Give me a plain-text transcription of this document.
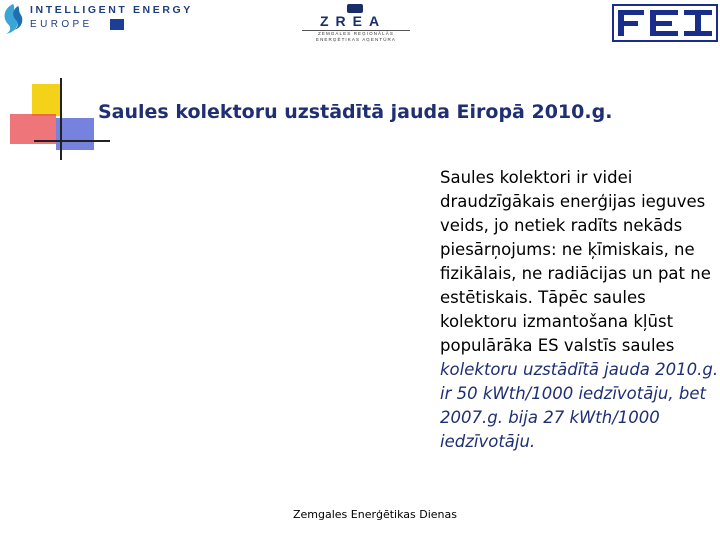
INTELLIGENT ENERGY
EUROPE	ZREA
ZEMGALES REĢIONĀLĀS
ENERĢĒTIKAS AĢENTŪRA
Saules kolektoru uzstādītā jauda Eiropā 2010.g.
Saules kolektori ir videi draudzīgākais enerģijas ieguves veids, jo netiek radīts nekāds piesārņojums: ne ķīmiskais, ne fizikālais, ne radiācijas un pat ne estētiskais. Tāpēc saules kolektoru izmantošana kļūst populārāka ES valstīs saules kolektoru uzstādītā jauda 2010.g. ir 50 kWth/1000 iedzīvotāju, bet 2007.g. bija 27 kWth/1000 iedzīvotāju.
Zemgales Enerģētikas Dienas
